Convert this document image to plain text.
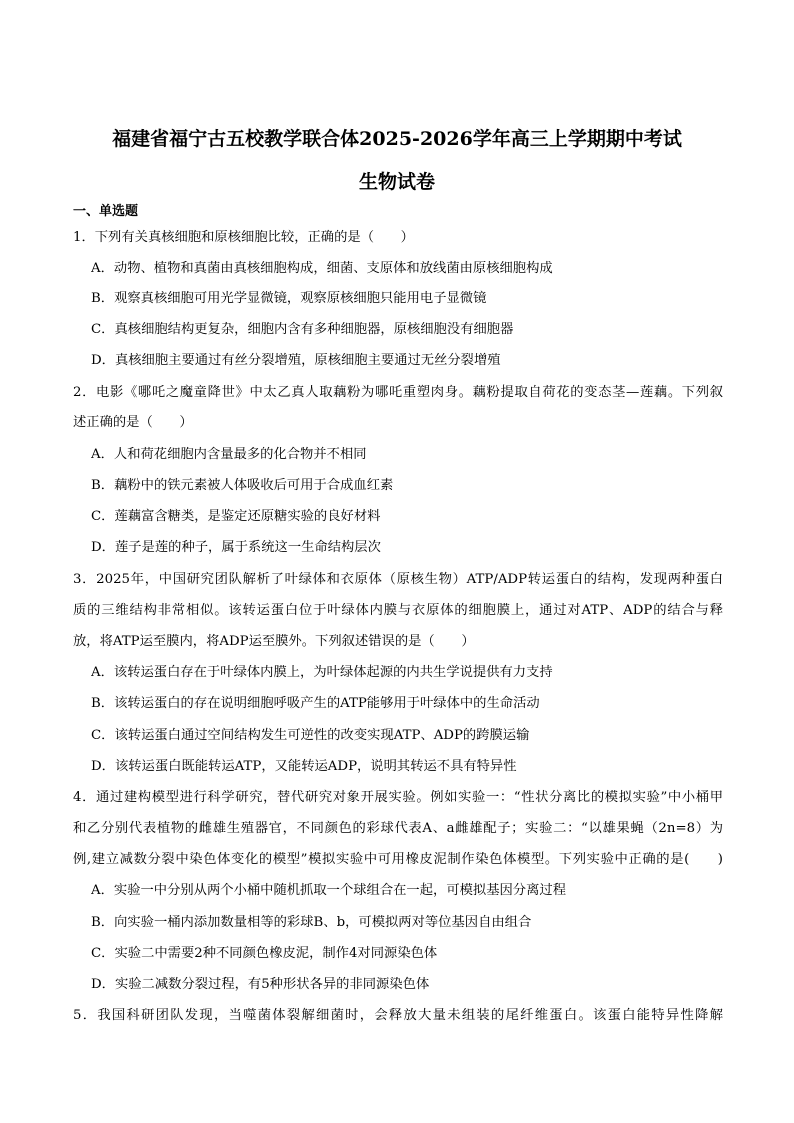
福建省福宁古五校教学联合体2025-2026学年高三上学期期中考试
生物试卷
一、单选题
1．下列有关真核细胞和原核细胞比较，正确的是（　　）
A．动物、植物和真菌由真核细胞构成，细菌、支原体和放线菌由原核细胞构成
B．观察真核细胞可用光学显微镜，观察原核细胞只能用电子显微镜
C．真核细胞结构更复杂，细胞内含有多种细胞器，原核细胞没有细胞器
D．真核细胞主要通过有丝分裂增殖，原核细胞主要通过无丝分裂增殖
2．电影《哪吒之魔童降世》中太乙真人取藕粉为哪吒重塑肉身。藕粉提取自荷花的变态茎—莲藕。下列叙
述正确的是（　　）
A．人和荷花细胞内含量最多的化合物并不相同
B．藕粉中的铁元素被人体吸收后可用于合成血红素
C．莲藕富含糖类，是鉴定还原糖实验的良好材料
D．莲子是莲的种子，属于系统这一生命结构层次
3．2025年，中国研究团队解析了叶绿体和衣原体（原核生物）ATP/ADP转运蛋白的结构，发现两种蛋白
质的三维结构非常相似。该转运蛋白位于叶绿体内膜与衣原体的细胞膜上，通过对ATP、ADP的结合与释
放，将ATP运至膜内，将ADP运至膜外。下列叙述错误的是（　　）
A．该转运蛋白存在于叶绿体内膜上，为叶绿体起源的内共生学说提供有力支持
B．该转运蛋白的存在说明细胞呼吸产生的ATP能够用于叶绿体中的生命活动
C．该转运蛋白通过空间结构发生可逆性的改变实现ATP、ADP的跨膜运输
D．该转运蛋白既能转运ATP，又能转运ADP，说明其转运不具有特异性
4．通过建构模型进行科学研究，替代研究对象开展实验。例如实验一：“性状分离比的模拟实验”中小桶甲
和乙分别代表植物的雌雄生殖器官，不同颜色的彩球代表A、a雌雄配子；实验二：“以雄果蝇（2n=8）为
例,建立减数分裂中染色体变化的模型”模拟实验中可用橡皮泥制作染色体模型。下列实验中正确的是(　　)
A．实验一中分别从两个小桶中随机抓取一个球组合在一起，可模拟基因分离过程
B．向实验一桶内添加数量相等的彩球B、b，可模拟两对等位基因自由组合
C．实验二中需要2种不同颜色橡皮泥，制作4对同源染色体
D．实验二减数分裂过程，有5种形状各异的非同源染色体
5．我国科研团队发现，当噬菌体裂解细菌时，会释放大量未组装的尾纤维蛋白。该蛋白能特异性降解
